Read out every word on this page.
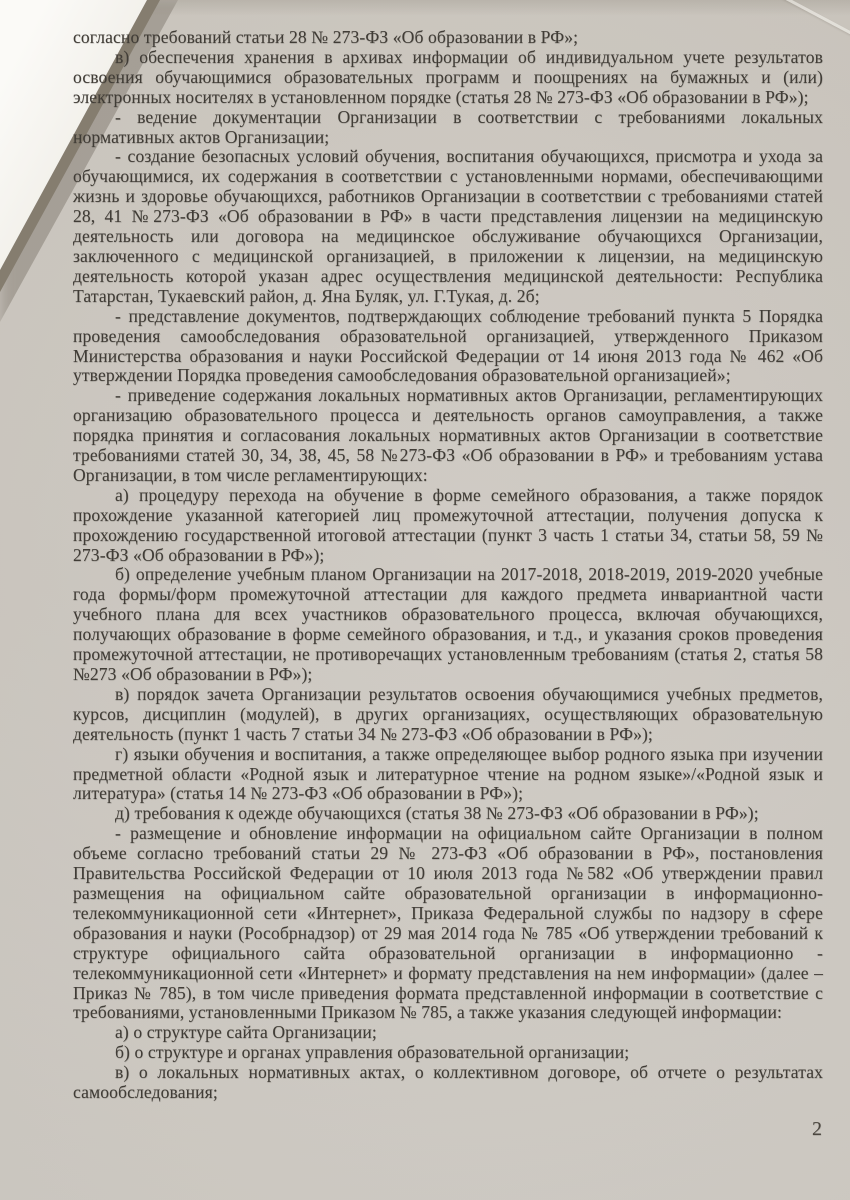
согласно требований статьи 28 № 273-ФЗ «Об образовании в РФ»;

в) обеспечения хранения в архивах информации об индивидуальном учете результатов освоения обучающимися образовательных программ и поощрениях на бумажных и (или) электронных носителях в установленном порядке (статья 28 № 273-ФЗ «Об образовании в РФ»);

- ведение документации Организации в соответствии с требованиями локальных нормативных актов Организации;

- создание безопасных условий обучения, воспитания обучающихся, присмотра и ухода за обучающимися, их содержания в соответствии с установленными нормами, обеспечивающими жизнь и здоровье обучающихся, работников Организации в соответствии с требованиями статей 28, 41 №273-ФЗ «Об образовании в РФ» в части представления лицензии на медицинскую деятельность или договора на медицинское обслуживание обучающихся Организации, заключенного с медицинской организацией, в приложении к лицензии, на медицинскую деятельность которой указан адрес осуществления медицинской деятельности: Республика Татарстан, Тукаевский район, д. Яна Буляк, ул. Г.Тукая, д. 2б;

- представление документов, подтверждающих соблюдение требований пункта 5 Порядка проведения самообследования образовательной организацией, утвержденного Приказом Министерства образования и науки Российской Федерации от 14 июня 2013 года № 462 «Об утверждении Порядка проведения самообследования образовательной организацией»;

- приведение содержания локальных нормативных актов Организации, регламентирующих организацию образовательного процесса и деятельность органов самоуправления, а также порядка принятия и согласования локальных нормативных актов Организации в соответствие требованиями статей 30, 34, 38, 45, 58 №273-ФЗ «Об образовании в РФ» и требованиям устава Организации, в том числе регламентирующих:

а) процедуру перехода на обучение в форме семейного образования, а также порядок прохождение указанной категорией лиц промежуточной аттестации, получения допуска к прохождению государственной итоговой аттестации (пункт 3 часть 1 статьи 34, статьи 58, 59 № 273-ФЗ «Об образовании в РФ»);

б) определение учебным планом Организации на 2017-2018, 2018-2019, 2019-2020 учебные года формы/форм промежуточной аттестации для каждого предмета инвариантной части учебного плана для всех участников образовательного процесса, включая обучающихся, получающих образование в форме семейного образования, и т.д., и указания сроков проведения промежуточной аттестации, не противоречащих установленным требованиям (статья 2, статья 58 №273 «Об образовании в РФ»);

в) порядок зачета Организации результатов освоения обучающимися учебных предметов, курсов, дисциплин (модулей), в других организациях, осуществляющих образовательную деятельность (пункт 1 часть 7 статьи 34 № 273-ФЗ «Об образовании в РФ»);

г) языки обучения и воспитания, а также определяющее выбор родного языка при изучении предметной области «Родной язык и литературное чтение на родном языке»/«Родной язык и литература» (статья 14 № 273-ФЗ «Об образовании в РФ»);

д) требования к одежде обучающихся (статья 38 № 273-ФЗ «Об образовании в РФ»);

- размещение и обновление информации на официальном сайте Организации в полном объеме согласно требований статьи 29 № 273-ФЗ «Об образовании в РФ», постановления Правительства Российской Федерации от 10 июля 2013 года №582 «Об утверждении правил размещения на официальном сайте образовательной организации в информационно-телекоммуникационной сети «Интернет», Приказа Федеральной службы по надзору в сфере образования и науки (Рособрнадзор) от 29 мая 2014 года № 785 «Об утверждении требований к структуре официального сайта образовательной организации в информационно - телекоммуникационной сети «Интернет» и формату представления на нем информации» (далее – Приказ № 785), в том числе приведения формата представленной информации в соответствие с требованиями, установленными Приказом № 785, а также указания следующей информации:

а) о структуре сайта Организации;

б) о структуре и органах управления образовательной организации;

в) о локальных нормативных актах, о коллективном договоре, об отчете о результатах самообследования;

2
